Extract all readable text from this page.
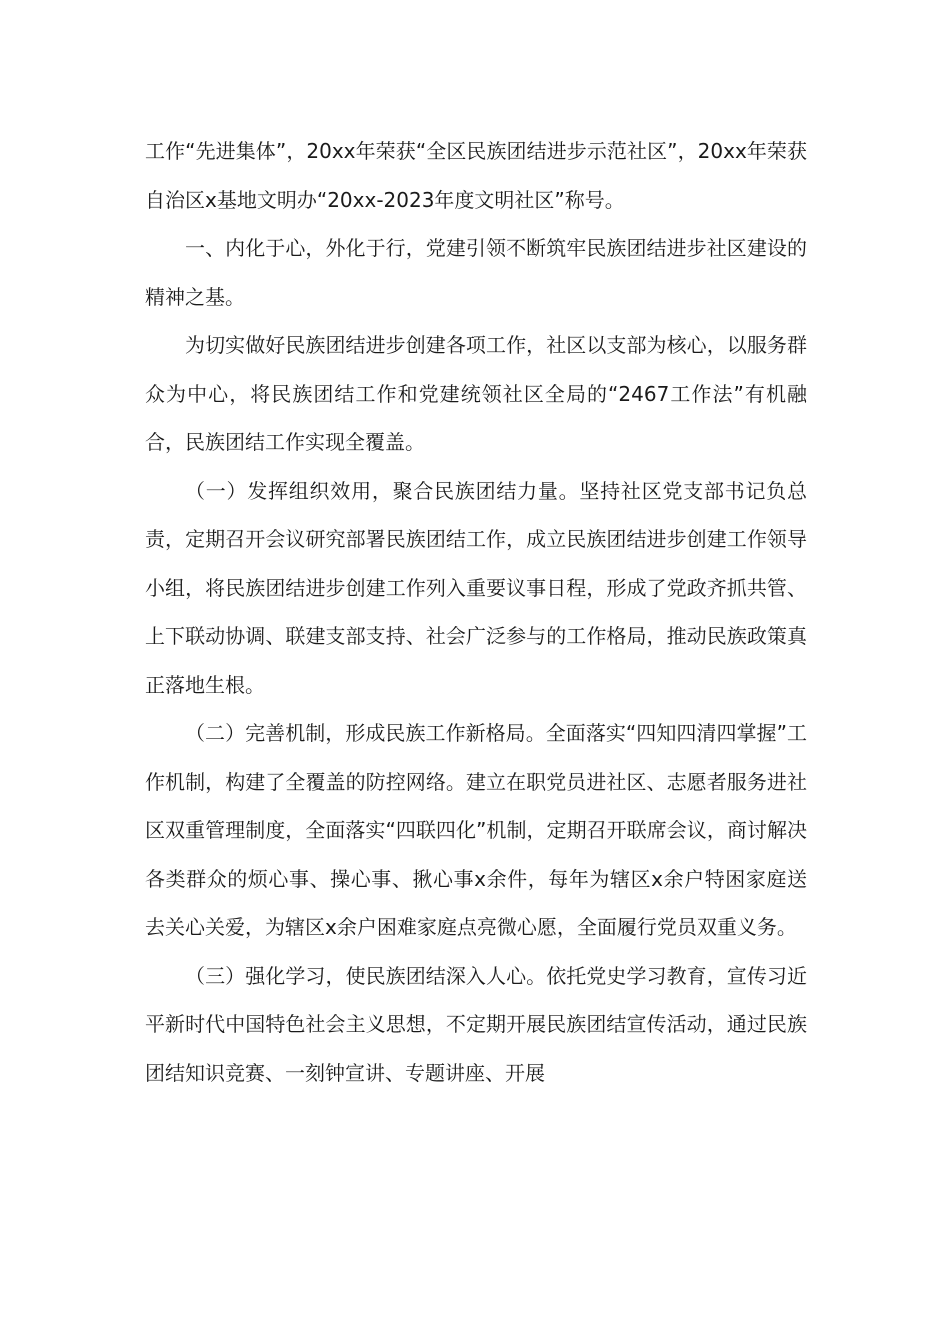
工作“先进集体”，20xx年荣获“全区民族团结进步示范社区”，20xx年荣获自治区x基地文明办“20xx-2023年度文明社区”称号。

一、内化于心，外化于行，党建引领不断筑牢民族团结进步社区建设的精神之基。

为切实做好民族团结进步创建各项工作，社区以支部为核心，以服务群众为中心，将民族团结工作和党建统领社区全局的“2467工作法”有机融合，民族团结工作实现全覆盖。

（一）发挥组织效用，聚合民族团结力量。坚持社区党支部书记负总责，定期召开会议研究部署民族团结工作，成立民族团结进步创建工作领导小组，将民族团结进步创建工作列入重要议事日程，形成了党政齐抓共管、上下联动协调、联建支部支持、社会广泛参与的工作格局，推动民族政策真正落地生根。

（二）完善机制，形成民族工作新格局。全面落实“四知四清四掌握”工作机制，构建了全覆盖的防控网络。建立在职党员进社区、志愿者服务进社区双重管理制度，全面落实“四联四化”机制，定期召开联席会议，商讨解决各类群众的烦心事、操心事、揪心事x余件，每年为辖区x余户特困家庭送去关心关爱，为辖区x余户困难家庭点亮微心愿，全面履行党员双重义务。

（三）强化学习，使民族团结深入人心。依托党史学习教育，宣传习近平新时代中国特色社会主义思想，不定期开展民族团结宣传活动，通过民族团结知识竞赛、一刻钟宣讲、专题讲座、开展
